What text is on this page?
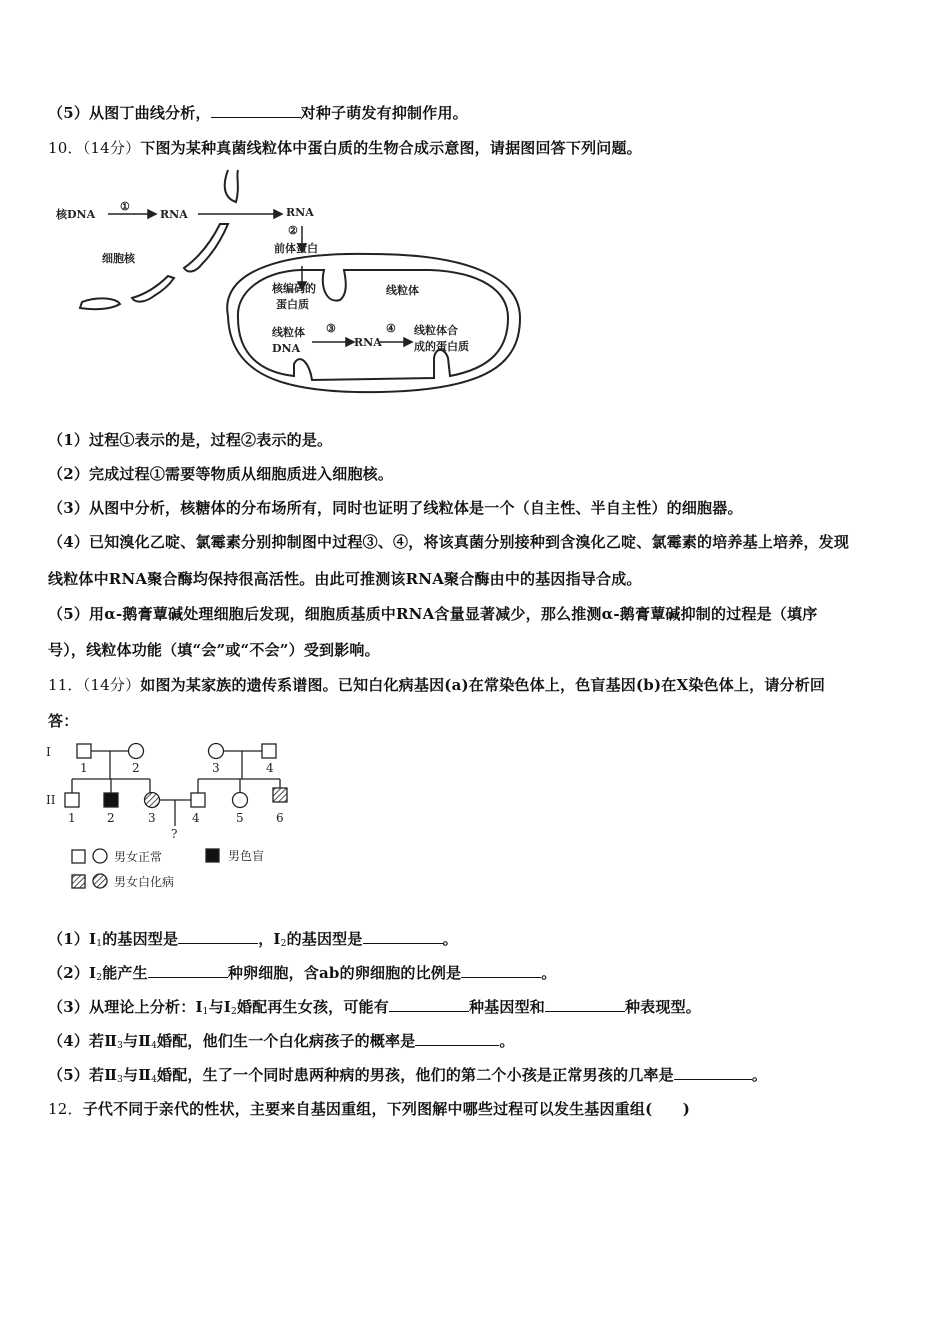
（5）从图丁曲线分析，	对种子萌发有抑制作用。
10．（14分）下图为某种真菌线粒体中蛋白质的生物合成示意图，请据图回答下列问题。
核DNA
①
RNA	RNA
②
前体蛋白
细胞核
核编码的
蛋白质
线粒体
线粒体
DNA
③
RNA
④ 线粒体合
成的蛋白质
（1）过程①表示的是，过程②表示的是。
（2）完成过程①需要等物质从细胞质进入细胞核。
（3）从图中分析，核糖体的分布场所有，同时也证明了线粒体是一个（自主性、半自主性）的细胞器。
（4）已知溴化乙啶、氯霉素分别抑制图中过程③、④，将该真菌分别接种到含溴化乙啶、氯霉素的培养基上培养，发现
线粒体中RNA聚合酶均保持很高活性。由此可推测该RNA聚合酶由中的基因指导合成。
（5）用α-鹅膏蕈碱处理细胞后发现，细胞质基质中RNA含量显著减少，那么推测α-鹅膏蕈碱抑制的过程是（填序
号），线粒体功能（填“会”或“不会”）受到影响。
11．（14分）如图为某家族的遗传系谱图。已知白化病基因(a)在常染色体上，色盲基因(b)在X染色体上，请分析回
答：
I
II
1	2	3	4
1	2	3	4	5	6
?
男女正常	男色盲
男女白化病
$(1)Ⅰ_1$的基因型是	，$Ⅰ_2$的基因型是	。
$(2)Ⅰ_2$能产生	种卵细胞，含ab的卵细胞的比例是	。
（3）从理论上分析：$Ⅰ_1$与$Ⅰ_2$婚配再生女孩，可能有	种基因型和	种表现型。
（4）若$Ⅱ_3$与$Ⅱ_4$婚配，他们生一个白化病孩子的概率是	。
（5）若$Ⅱ_3$与$Ⅱ_4$婚配，生了一个同时患两种病的男孩，他们的第二个小孩是正常男孩的几率是	。
12．子代不同于亲代的性状，主要来自基因重组，下列图解中哪些过程可以发生基因重组(　　)
